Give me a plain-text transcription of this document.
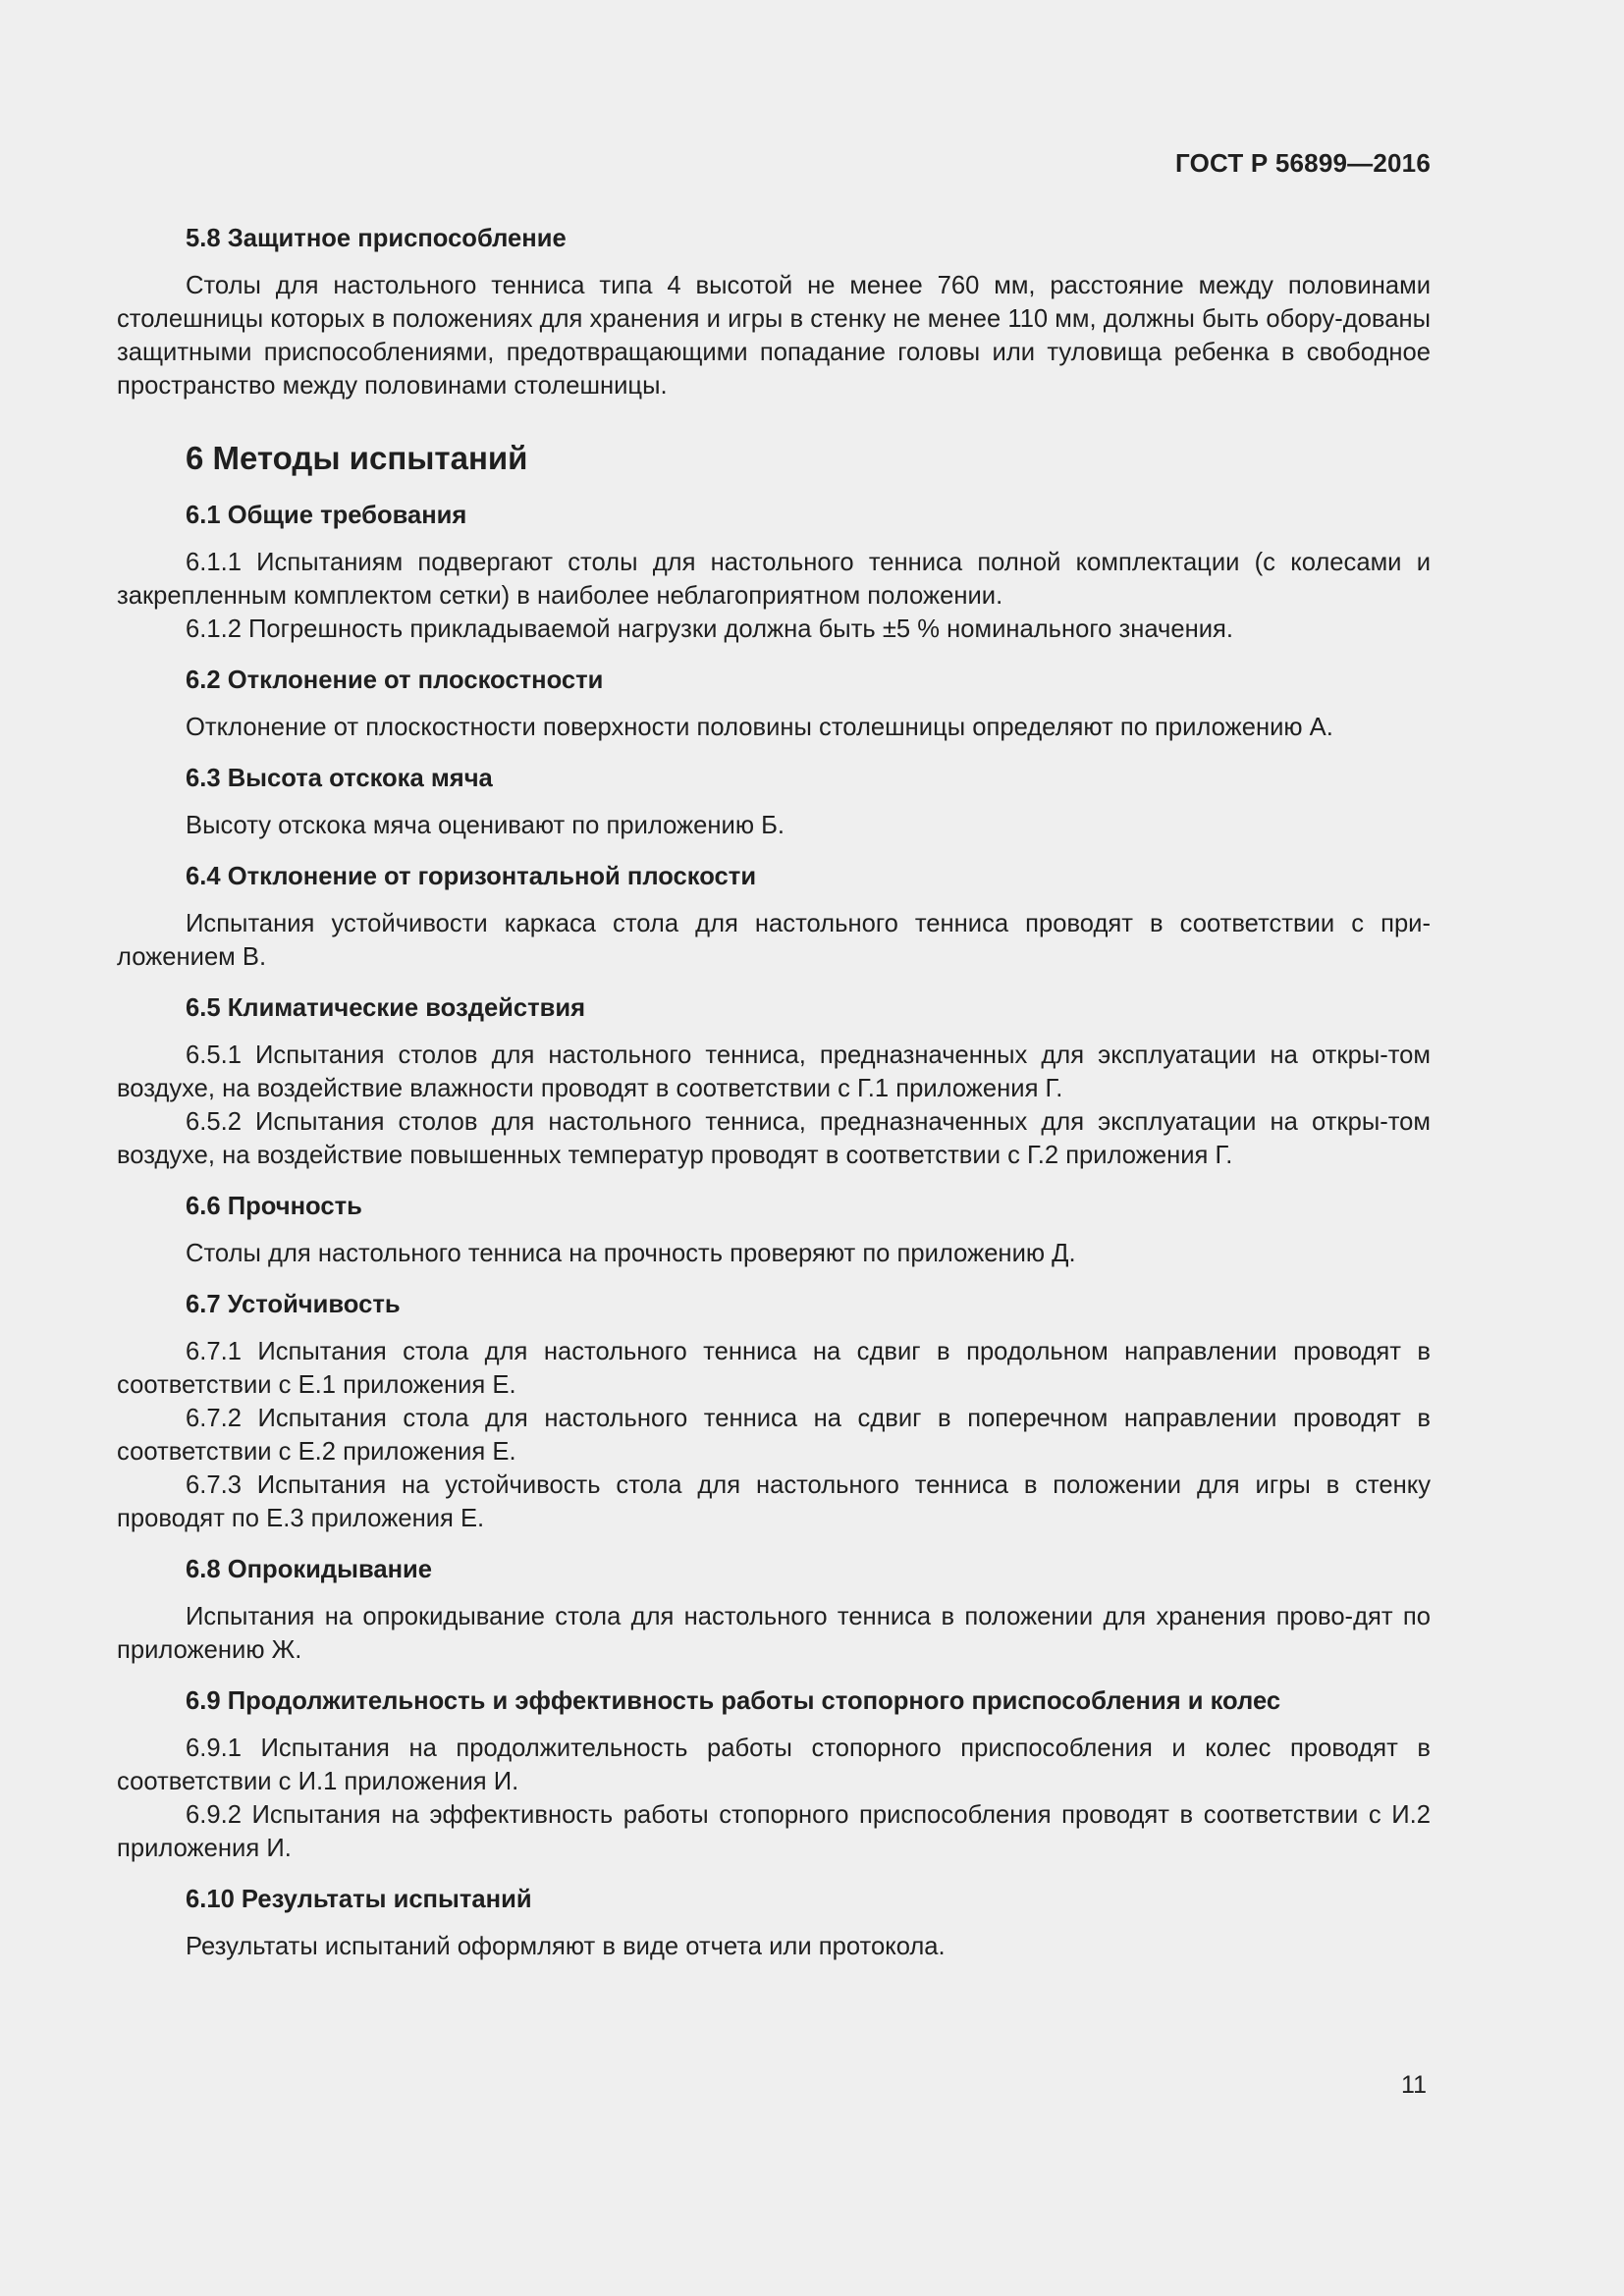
ГОСТ Р 56899—2016
5.8 Защитное приспособление

Столы для настольного тенниса типа 4 высотой не менее 760 мм, расстояние между половинами столешницы которых в положениях для хранения и игры в стенку не менее 110 мм, должны быть обору-дованы защитными приспособлениями, предотвращающими попадание головы или туловища ребенка в свободное пространство между половинами столешницы.

6 Методы испытаний
6.1 Общие требования

6.1.1 Испытаниям подвергают столы для настольного тенниса полной комплектации (с колесами и закрепленным комплектом сетки) в наиболее неблагоприятном положении.

6.1.2 Погрешность прикладываемой нагрузки должна быть ±5 % номинального значения.

6.2 Отклонение от плоскостности

Отклонение от плоскостности поверхности половины столешницы определяют по приложению А.

6.3 Высота отскока мяча

Высоту отскока мяча оценивают по приложению Б.

6.4 Отклонение от горизонтальной плоскости

Испытания устойчивости каркаса стола для настольного тенниса проводят в соответствии с при-ложением В.

6.5 Климатические воздействия

6.5.1 Испытания столов для настольного тенниса, предназначенных для эксплуатации на откры-том воздухе, на воздействие влажности проводят в соответствии с Г.1 приложения Г.

6.5.2 Испытания столов для настольного тенниса, предназначенных для эксплуатации на откры-том воздухе, на воздействие повышенных температур проводят в соответствии с Г.2 приложения Г.

6.6 Прочность

Столы для настольного тенниса на прочность проверяют по приложению Д.

6.7 Устойчивость

6.7.1 Испытания стола для настольного тенниса на сдвиг в продольном направлении проводят в соответствии с Е.1 приложения Е.

6.7.2 Испытания стола для настольного тенниса на сдвиг в поперечном направлении проводят в соответствии с Е.2 приложения Е.

6.7.3 Испытания на устойчивость стола для настольного тенниса в положении для игры в стенку проводят по Е.3 приложения Е.

6.8 Опрокидывание

Испытания на опрокидывание стола для настольного тенниса в положении для хранения прово-дят по приложению Ж.

6.9 Продолжительность и эффективность работы стопорного приспособления и колес

6.9.1 Испытания на продолжительность работы стопорного приспособления и колес проводят в соответствии с И.1 приложения И.

6.9.2 Испытания на эффективность работы стопорного приспособления проводят в соответствии с И.2 приложения И.

6.10 Результаты испытаний

Результаты испытаний оформляют в виде отчета или протокола.

11
